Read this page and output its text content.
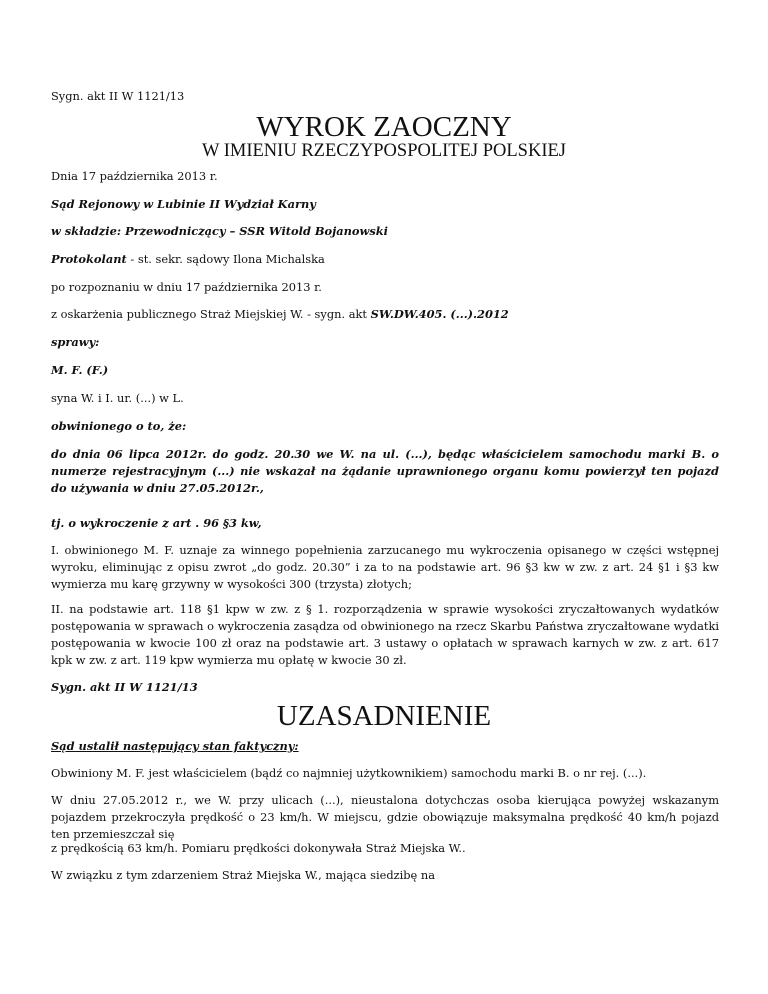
Sygn. akt II W 1121/13

WYROK ZAOCZNY
W IMIENIU RZECZYPOSPOLITEJ POLSKIEJ

Dnia 17 października 2013 r.

Sąd Rejonowy w Lubinie II Wydział Karny

w składzie: Przewodniczący – SSR Witold Bojanowski

Protokolant - st. sekr. sądowy Ilona Michalska

po rozpoznaniu w dniu 17 października 2013 r.

z oskarżenia publicznego Straż Miejskiej W. - sygn. akt SW.DW.405. (...).2012

sprawy:

M. F. (F.)

syna W. i I. ur. (...) w L.

obwinionego o to, że:

do dnia 06 lipca 2012r. do godz. 20.30 we W. na ul. (...), będąc właścicielem samochodu marki B. o numerze rejestracyjnym (...) nie wskazał na żądanie uprawnionego organu komu powierzył ten pojazd do używania w dniu 27.05.2012r.,

tj. o wykroczenie z art . 96 §3 kw,

I. obwinionego M. F. uznaje za winnego popełnienia zarzucanego mu wykroczenia opisanego w części wstępnej wyroku, eliminując z opisu zwrot „do godz. 20.30” i za to na podstawie art. 96 §3 kw w zw. z art. 24 §1 i §3 kw wymierza mu karę grzywny w wysokości 300 (trzysta) złotych;

II. na podstawie art. 118 §1 kpw w zw. z § 1. rozporządzenia w sprawie wysokości zryczałtowanych wydatków postępowania w sprawach o wykroczenia zasądza od obwinionego na rzecz Skarbu Państwa zryczałtowane wydatki postępowania w kwocie 100 zł oraz na podstawie art. 3 ustawy o opłatach w sprawach karnych w zw. z art. 617 kpk w zw. z art. 119 kpw wymierza mu opłatę w kwocie 30 zł.

Sygn. akt II W 1121/13

UZASADNIENIE

Sąd ustalił następujący stan faktyczny:

Obwiniony M. F. jest właścicielem (bądź co najmniej użytkownikiem) samochodu marki B. o nr rej. (...).

W dniu 27.05.2012 r., we W. przy ulicach (...), nieustalona dotychczas osoba kierująca powyżej wskazanym pojazdem przekroczyła prędkość o 23 km/h. W miejscu, gdzie obowiązuje maksymalna prędkość 40 km/h pojazd ten przemieszczał się

z prędkością 63 km/h. Pomiaru prędkości dokonywała Straż Miejska W..

W związku z tym zdarzeniem Straż Miejska W., mająca siedzibę na
